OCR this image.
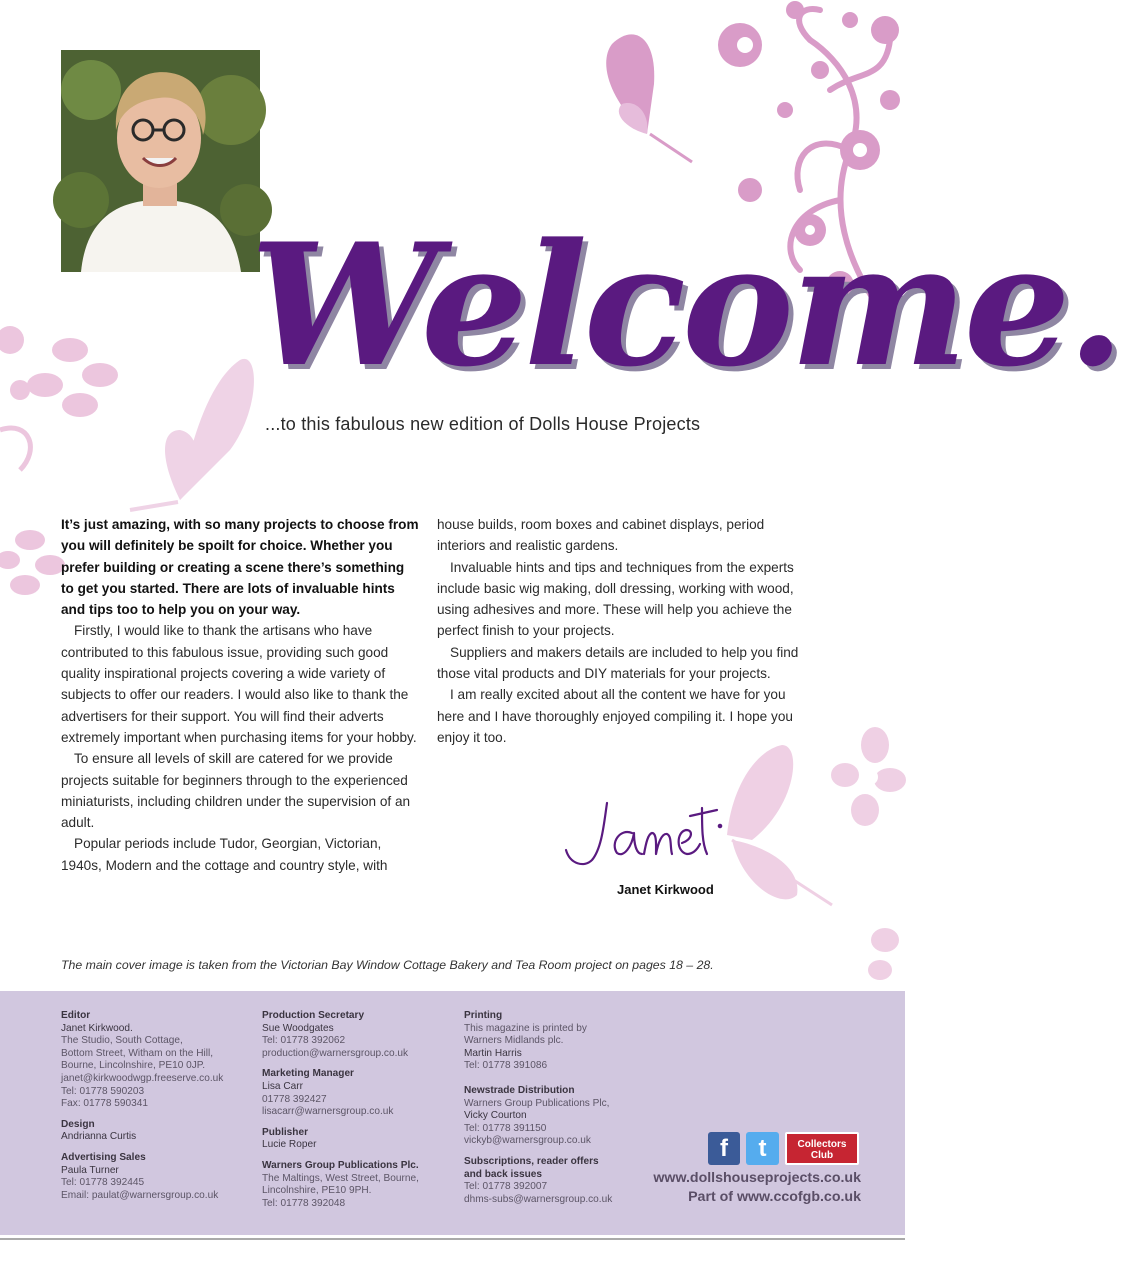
Welcome.
...to this fabulous new edition of Dolls House Projects

It’s just amazing, with so many projects to choose from you will definitely be spoilt for choice. Whether you prefer building or creating a scene there’s something to get you started. There are lots of invaluable hints and tips too to help you on your way.

Firstly, I would like to thank the artisans who have contributed to this fabulous issue, providing such good quality inspirational projects covering a wide variety of subjects to offer our readers. I would also like to thank the advertisers for their support. You will find their adverts extremely important when purchasing items for your hobby.

To ensure all levels of skill are catered for we provide projects suitable for beginners through to the experienced miniaturists, including children under the supervision of an adult.

Popular periods include Tudor, Georgian, Victorian, 1940s, Modern and the cottage and country style, with

house builds, room boxes and cabinet displays, period interiors and realistic gardens.

Invaluable hints and tips and techniques from the experts include basic wig making, doll dressing, working with wood, using adhesives and more. These will help you achieve the perfect finish to your projects.

Suppliers and makers details are included to help you find those vital products and DIY materials for your projects.

I am really excited about all the content we have for you here and I have thoroughly enjoyed compiling it. I hope you enjoy it too.

Janet Kirkwood
The main cover image is taken from the Victorian Bay Window Cottage Bakery and Tea Room project on pages 18 – 28.
Editor
Janet Kirkwood.
The Studio, South Cottage,
Bottom Street, Witham on the Hill,
Bourne, Lincolnshire, PE10 0JP.
janet@kirkwoodwgp.freeserve.co.uk
Tel: 01778 590203
Fax: 01778 590341
Design
Andrianna Curtis
Advertising Sales
Paula Turner
Tel: 01778 392445
Email: paulat@warnersgroup.co.uk
Production Secretary
Sue Woodgates
Tel: 01778 392062
production@warnersgroup.co.uk
Marketing Manager
Lisa Carr
01778 392427
lisacarr@warnersgroup.co.uk
Publisher
Lucie Roper
Warners Group Publications Plc.
The Maltings, West Street, Bourne,
Lincolnshire, PE10 9PH.
Tel: 01778 392048
Printing
This magazine is printed by
Warners Midlands plc.
Martin Harris
Tel: 01778 391086
Newstrade Distribution
Warners Group Publications Plc,
Vicky Courton
Tel: 01778 391150
vickyb@warnersgroup.co.uk
Subscriptions, reader offers
and back issues
Tel: 01778 392007
dhms-subs@warnersgroup.co.uk
f	t	Collectors
Club
www.dollshouseprojects.co.uk
Part of www.ccofgb.co.uk
